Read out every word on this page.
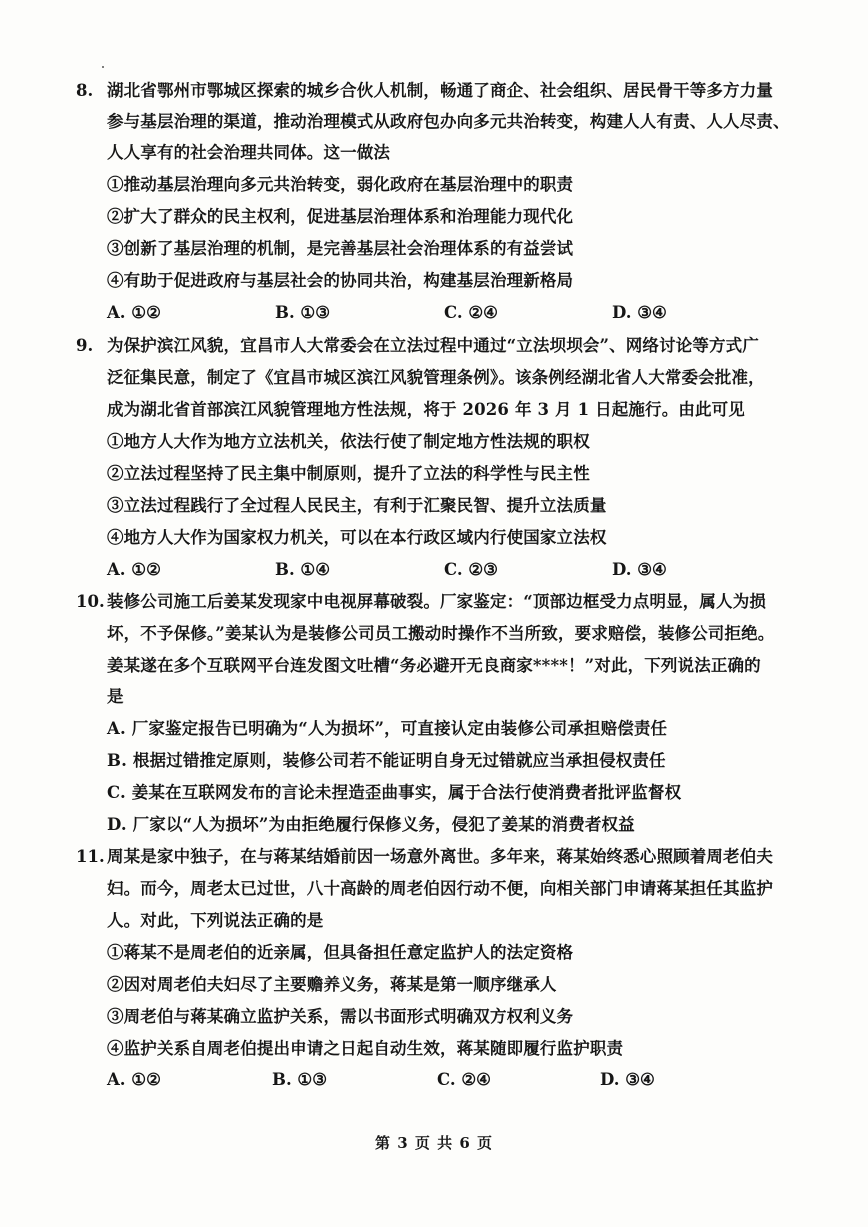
8. 湖北省鄂州市鄂城区探索的城乡合伙人机制，畅通了商企、社会组织、居民骨干等多方力量
参与基层治理的渠道，推动治理模式从政府包办向多元共治转变，构建人人有责、人人尽责、
人人享有的社会治理共同体。这一做法
①推动基层治理向多元共治转变，弱化政府在基层治理中的职责
②扩大了群众的民主权利，促进基层治理体系和治理能力现代化
③创新了基层治理的机制，是完善基层社会治理体系的有益尝试
④有助于促进政府与基层社会的协同共治，构建基层治理新格局
A. ①②	B. ①③	C. ②④	D. ③④
9. 为保护滨江风貌，宜昌市人大常委会在立法过程中通过“立法坝坝会”、网络讨论等方式广
泛征集民意，制定了《宜昌市城区滨江风貌管理条例》。该条例经湖北省人大常委会批准，
成为湖北省首部滨江风貌管理地方性法规，将于 2026 年 3 月 1 日起施行。由此可见
①地方人大作为地方立法机关，依法行使了制定地方性法规的职权
②立法过程坚持了民主集中制原则，提升了立法的科学性与民主性
③立法过程践行了全过程人民民主，有利于汇聚民智、提升立法质量
④地方人大作为国家权力机关，可以在本行政区域内行使国家立法权
A. ①②	B. ①④	C. ②③	D. ③④
10. 装修公司施工后姜某发现家中电视屏幕破裂。厂家鉴定：“顶部边框受力点明显，属人为损
坏，不予保修。”姜某认为是装修公司员工搬动时操作不当所致，要求赔偿，装修公司拒绝。
姜某遂在多个互联网平台连发图文吐槽“务必避开无良商家****！”对此，下列说法正确的
是
A. 厂家鉴定报告已明确为“人为损坏”，可直接认定由装修公司承担赔偿责任
B. 根据过错推定原则，装修公司若不能证明自身无过错就应当承担侵权责任
C. 姜某在互联网发布的言论未捏造歪曲事实，属于合法行使消费者批评监督权
D. 厂家以“人为损坏”为由拒绝履行保修义务，侵犯了姜某的消费者权益
11. 周某是家中独子，在与蒋某结婚前因一场意外离世。多年来，蒋某始终悉心照顾着周老伯夫
妇。而今，周老太已过世，八十高龄的周老伯因行动不便，向相关部门申请蒋某担任其监护
人。对此，下列说法正确的是
①蒋某不是周老伯的近亲属，但具备担任意定监护人的法定资格
②因对周老伯夫妇尽了主要赡养义务，蒋某是第一顺序继承人
③周老伯与蒋某确立监护关系，需以书面形式明确双方权利义务
④监护关系自周老伯提出申请之日起自动生效，蒋某随即履行监护职责
A. ①②	B. ①③	C. ②④	D. ③④
第 3 页 共 6 页
